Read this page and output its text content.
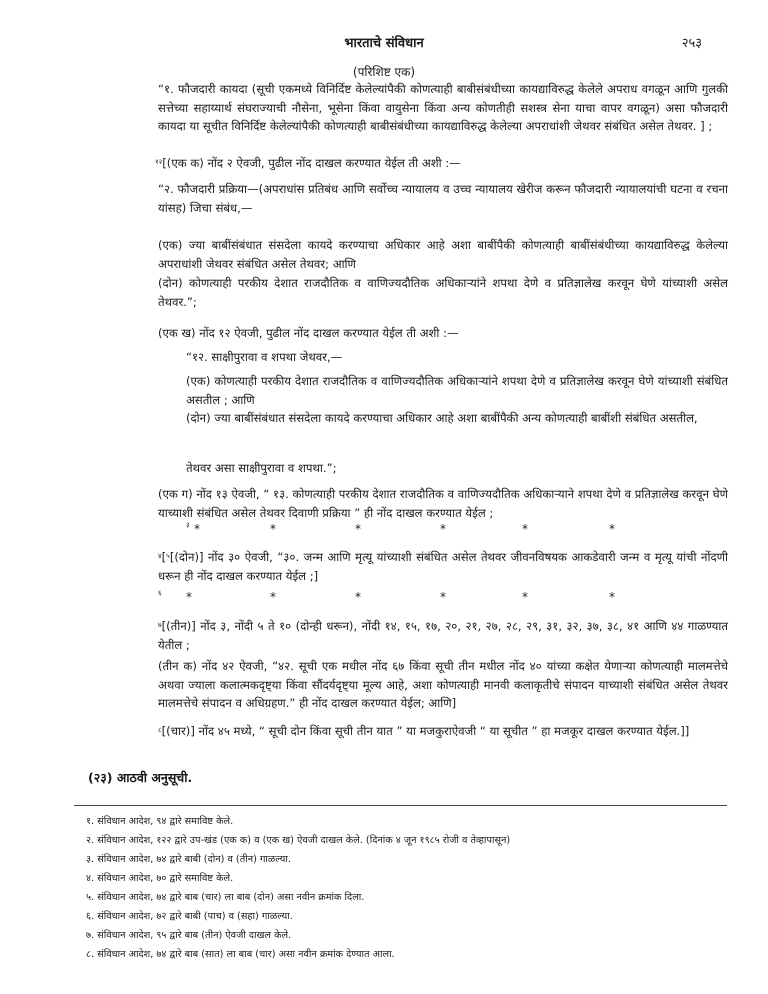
भारताचे संविधान	२५३
(परिशिष्ट एक)
“१. फौजदारी कायदा (सूची एकमध्ये विनिर्दिष्ट केलेल्यांपैकी कोणत्याही बाबीसंबंधीच्या कायद्याविरुद्ध केलेले अपराध वगळून आणि गुलकी सत्तेच्या सहाय्यार्थ संघराज्याची नौसेना, भूसेना किंवा वायुसेना किंवा अन्य कोणतीही सशस्त्र सेना याचा वापर वगळून) असा फौजदारी कायदा या सूचीत विनिर्दिष्ट केलेल्यांपैकी कोणत्याही बाबीसंबंधीच्या कायद्याविरुद्ध केलेल्या अपराधांशी जेथवर संबंधित असेल तेथवर. ] ;
$^{१२}$[(एक क) नोंद २ ऐवजी, पुढील नोंद दाखल करण्यात येईल ती अशी :—
“२. फौजदारी प्रक्रिया—(अपराधांस प्रतिबंध आणि सर्वोच्च न्यायालय व उच्च न्यायालय खेरीज करून फौजदारी न्यायालयांची घटना व रचना यांसह) जिचा संबंध,—
(एक) ज्या बाबींसंबंधात संसदेला कायदे करण्याचा अधिकार आहे अशा बाबींपैकी कोणत्याही बाबींसंबंधीच्या कायद्याविरुद्ध केलेल्या अपराधांशी जेथवर संबंधित असेल तेथवर; आणि
(दोन) कोणत्याही परकीय देशात राजदौतिक व वाणिज्यदौतिक अधिकाऱ्यांने शपथा देणे व प्रतिज्ञालेख करवून घेणे यांच्याशी असेल तेथवर.”;
(एक ख) नोंद १२ ऐवजी, पुढील नोंद दाखल करण्यात येईल ती अशी :—
“१२. साक्षीपुरावा व शपथा जेथवर,—
(एक) कोणत्याही परकीय देशात राजदौतिक व वाणिज्यदौतिक अधिकाऱ्यांने शपथा देणे व प्रतिज्ञालेख करवून घेणे यांच्याशी संबंधित असतील ; आणि
(दोन) ज्या बाबींसंबंधात संसदेला कायदे करण्याचा अधिकार आहे अशा बाबींपैकी अन्य कोणत्याही बाबींशी संबंधित असतील,
तेथवर असा साक्षीपुरावा व शपथा.”;
(एक ग) नोंद १३ ऐवजी, “ १३. कोणत्याही परकीय देशात राजदौतिक व वाणिज्यदौतिक अधिकाऱ्याने शपथा देणे व प्रतिज्ञालेख करवून घेणे याच्याशी संबंधित असेल तेथवर दिवाणी प्रक्रिया ” ही नोंद दाखल करण्यात येईल ;
$^३$ *	*	*	*	*	*
$^४$[$^५$[(दोन)] नोंद ३० ऐवजी, “३०. जन्म आणि मृत्यू यांच्याशी संबंधित असेल तेथवर जीवनविषयक आकडेवारी जन्म व मृत्यू यांची नोंदणी धरून ही नोंद दाखल करण्यात येईल ;]
$^६$ *	*	*	*	*	*
$^७$[(तीन)] नोंद ३, नोंदी ५ ते १० (दोन्ही धरून), नोंदी १४, १५, १७, २०, २१, २७, २८, २९, ३१, ३२, ३७, ३८, ४१ आणि ४४ गाळण्यात येतील ;
(तीन क) नोंद ४२ ऐवजी, “४२. सूची एक मधील नोंद ६७ किंवा सूची तीन मधील नोंद ४० यांच्या कक्षेत येणाऱ्या कोणत्याही मालमत्तेचे अथवा ज्याला कलात्मकदृष्ट्या किंवा सौंदर्यदृष्ट्या मूल्य आहे, अशा कोणत्याही मानवी कलाकृतीचे संपादन याच्याशी संबंधित असेल तेथवर मालमत्तेचे संपादन व अधिग्रहण.” ही नोंद दाखल करण्यात येईल; आणि]
$^८$[(चार)] नोंद ४५ मध्ये, “ सूची दोन किंवा सूची तीन यात ” या मजकुराऐवजी “ या सूचीत ” हा मजकूर दाखल करण्यात येईल.]]
(२३) आठवी अनुसूची.
१. संविधान आदेश, ९४ द्वारे समाविष्ट केले.
२. संविधान आदेश, १२२ द्वारे उप-खंड (एक क) व (एक ख) ऐवजी दाखल केले. (दिनांक ४ जून १९८५ रोजी व तेव्हापासून)
३. संविधान आदेश, ७४ द्वारे बाबी (दोन) व (तीन) गाळल्या.
४. संविधान आदेश, ७० द्वारे समाविष्ट केले.
५. संविधान आदेश, ७४ द्वारे बाब (चार) ला बाब (दोन) असा नवीन क्रमांक दिला.
६. संविधान आदेश, ७२ द्वारे बाबी (पाच) व (सहा) गाळल्या.
७. संविधान आदेश, ९५ द्वारे बाब (तीन) ऐवजी दाखल केले.
८. संविधान आदेश, ७४ द्वारे बाब (सात) ला बाब (चार) असा नवीन क्रमांक देण्यात आला.
